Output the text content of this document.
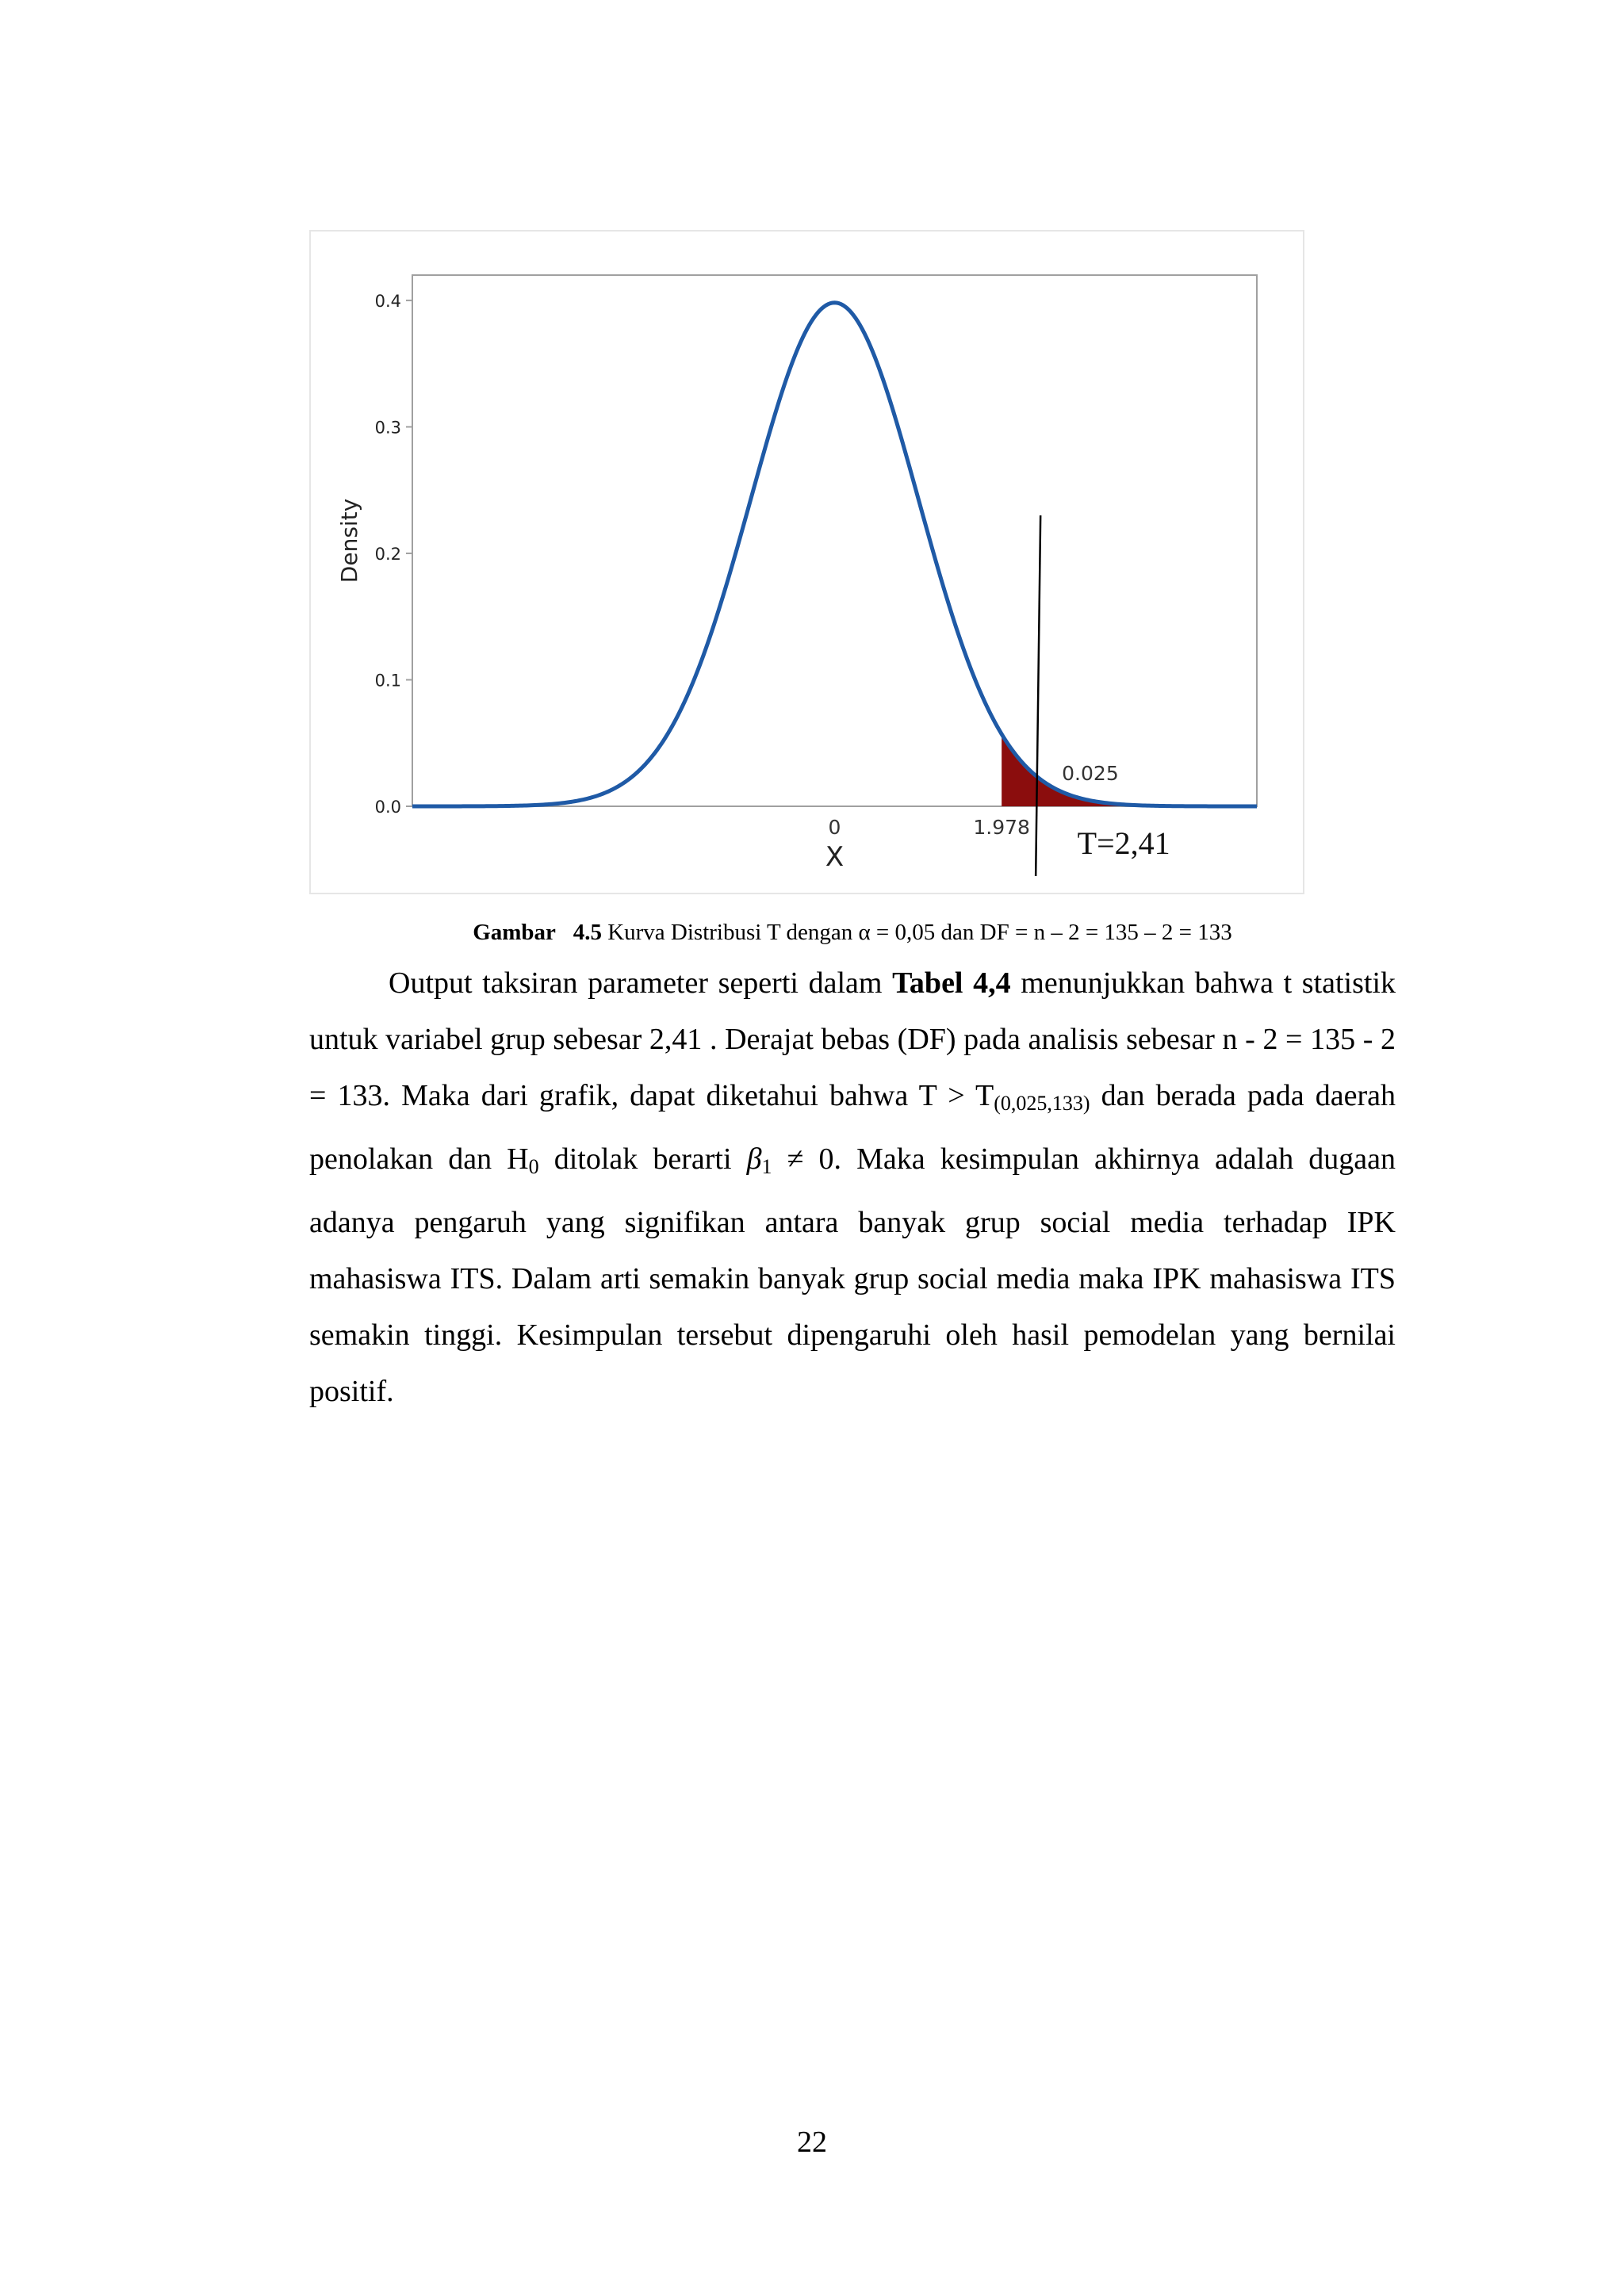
0.0
0.1
0.2
0.3
0.4
0.025
0	1.978
X
Density
T=2,41
Gambar 4.5 Kurva Distribusi T dengan α = 0,05 dan DF = n – 2 = 135 – 2 = 133

Output taksiran parameter seperti dalam Tabel 4,4 menunjukkan bahwa t statistik untuk variabel grup sebesar 2,41 . Derajat bebas (DF) pada analisis sebesar n - 2 = 135 - 2 = 133. Maka dari grafik, dapat diketahui bahwa $T > T_{(0,025,133)}$ dan berada pada daerah penolakan dan $H_0$ ditolak berarti $\beta_1 \ne 0$. Maka kesimpulan akhirnya adalah dugaan adanya pengaruh yang signifikan antara banyak grup social media terhadap IPK mahasiswa ITS. Dalam arti semakin banyak grup social media maka IPK mahasiswa ITS semakin tinggi. Kesimpulan tersebut dipengaruhi oleh hasil pemodelan yang bernilai positif.

22
